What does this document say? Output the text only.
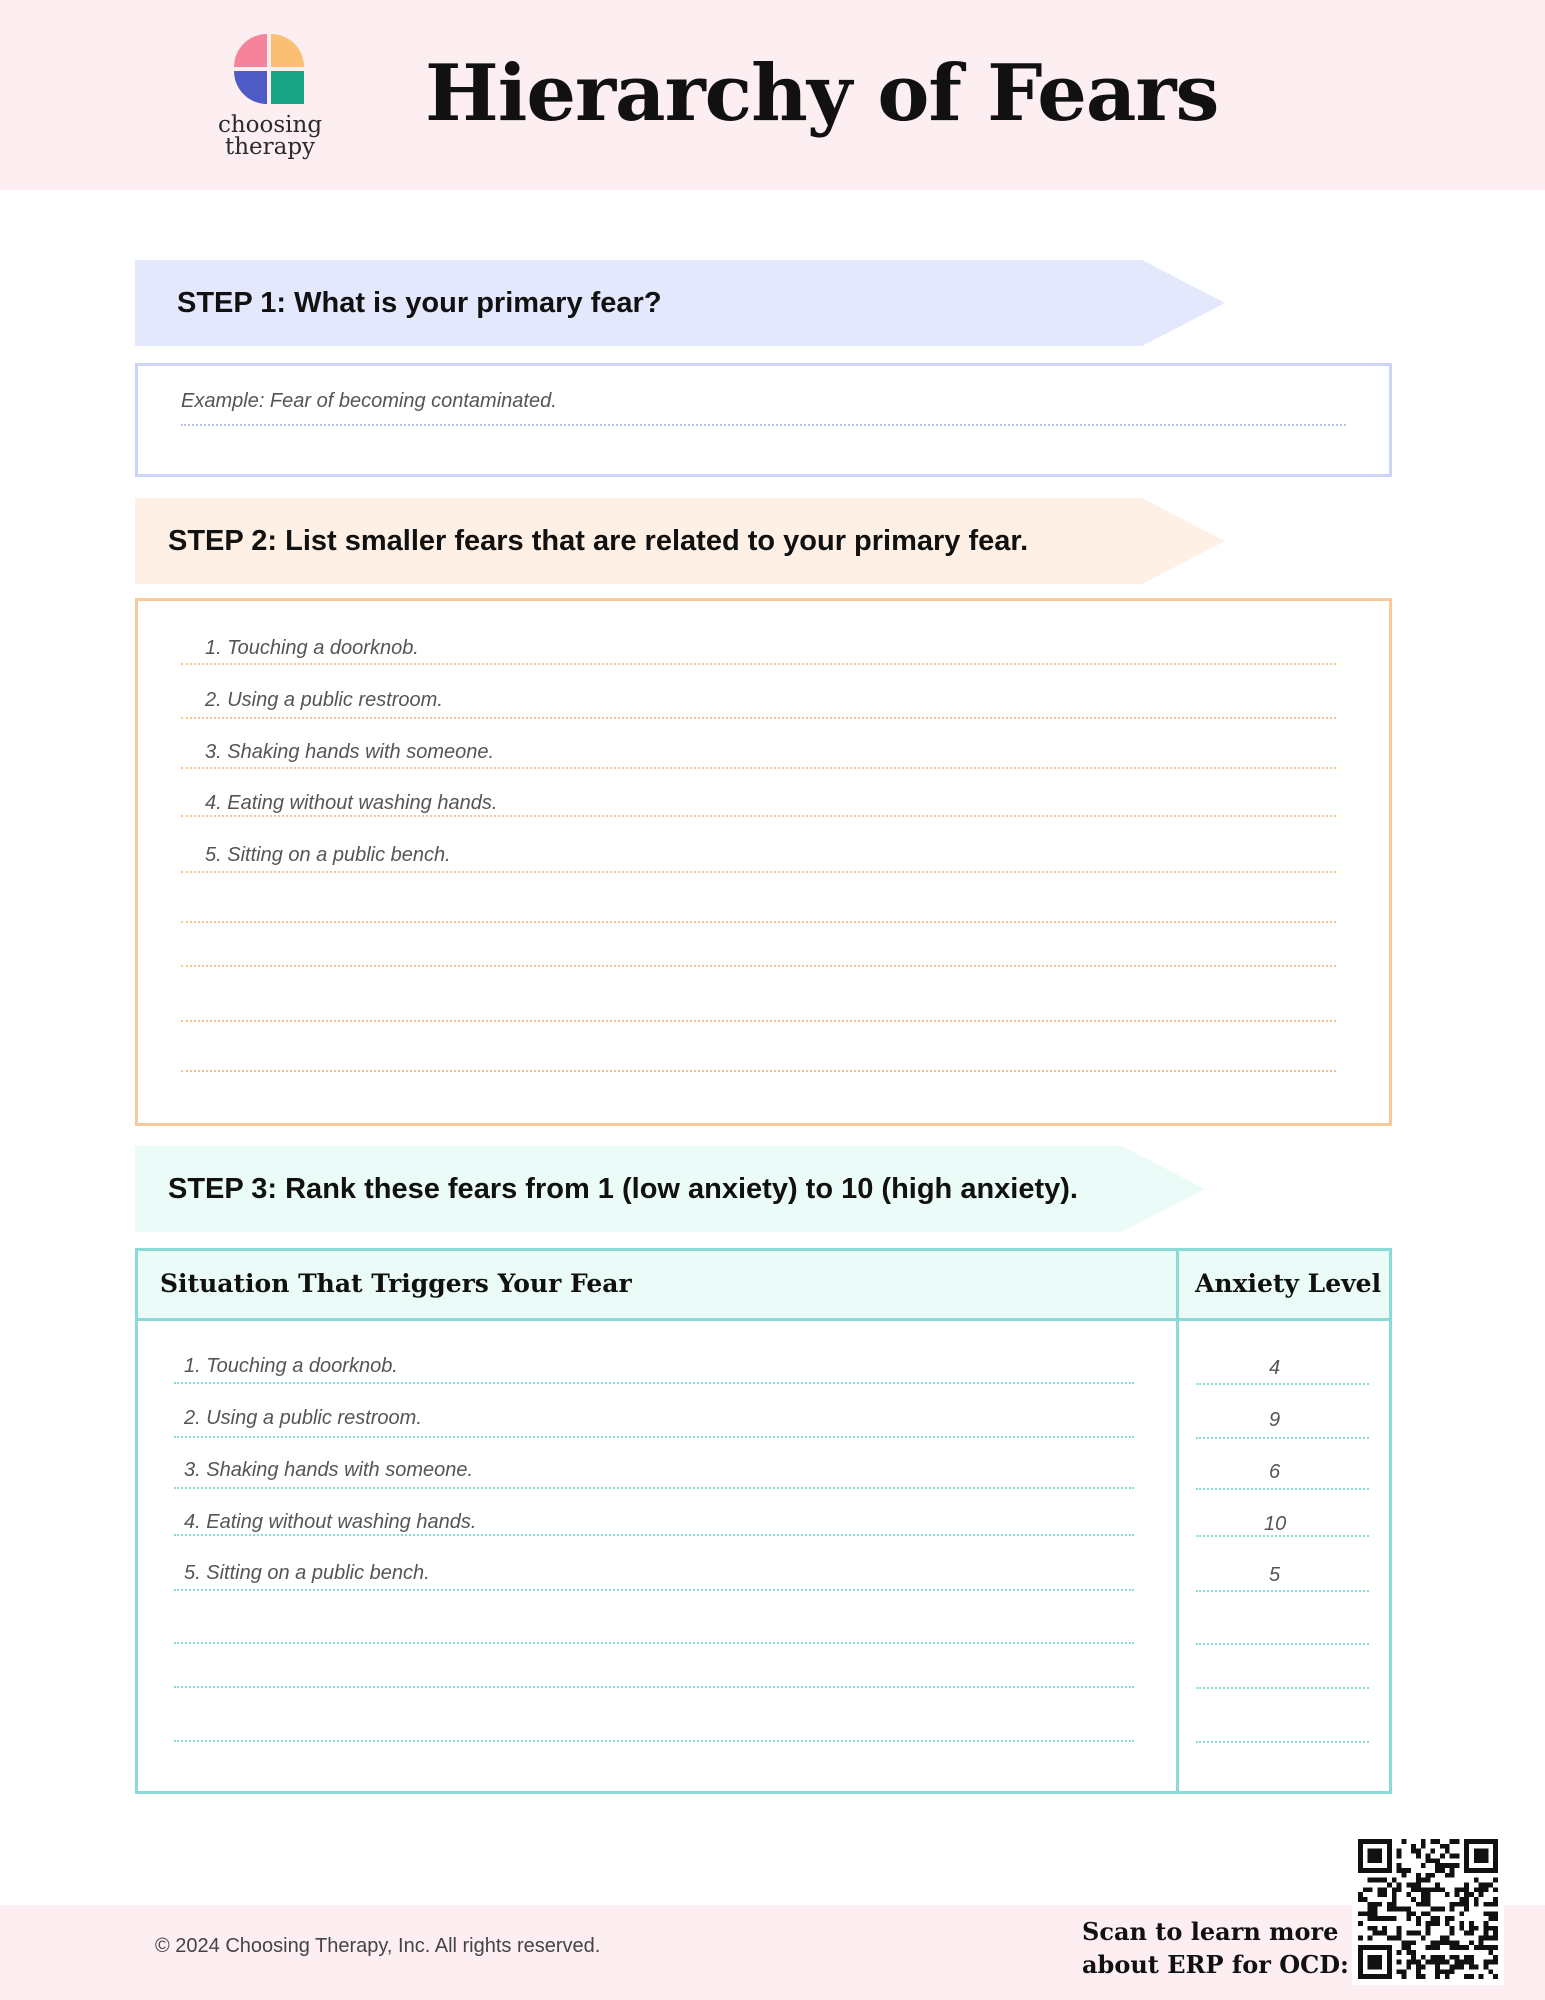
choosing
therapy
Hierarchy of Fears
STEP 1: What is your primary fear?
Example: Fear of becoming contaminated.
STEP 2: List smaller fears that are related to your primary fear.
1. Touching a doorknob.
2. Using a public restroom.
3. Shaking hands with someone.
4. Eating without washing hands.
5. Sitting on a public bench.
STEP 3: Rank these fears from 1 (low anxiety) to 10 (high anxiety).
Situation That Triggers Your Fear	Anxiety Level
1. Touching a doorknob.	4
2. Using a public restroom.	9
3. Shaking hands with someone.	6
4. Eating without washing hands.	10
5. Sitting on a public bench.	5
© 2024 Choosing Therapy, Inc. All rights reserved.	Scan to learn more
about ERP for OCD:
